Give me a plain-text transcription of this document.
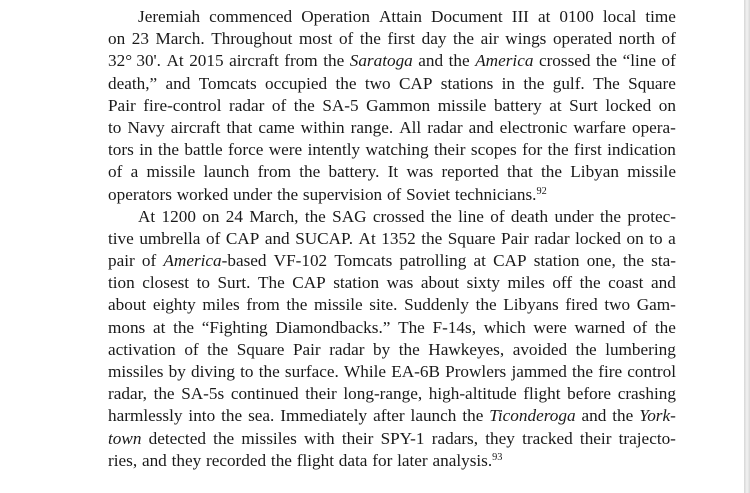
Jeremiah commenced Operation Attain Document III at 0100 local time
on 23 March. Throughout most of the first day the air wings operated north of
32° 30'. At 2015 aircraft from the Saratoga and the America crossed the “line of
death,” and Tomcats occupied the two CAP stations in the gulf. The Square
Pair fire-control radar of the SA-5 Gammon missile battery at Surt locked on
to Navy aircraft that came within range. All radar and electronic warfare opera-
tors in the battle force were intently watching their scopes for the first indication
of a missile launch from the battery. It was reported that the Libyan missile
operators worked under the supervision of Soviet technicians.$^{92}$
At 1200 on 24 March, the SAG crossed the line of death under the protec-
tive umbrella of CAP and SUCAP. At 1352 the Square Pair radar locked on to a
pair of America-based VF-102 Tomcats patrolling at CAP station one, the sta-
tion closest to Surt. The CAP station was about sixty miles off the coast and
about eighty miles from the missile site. Suddenly the Libyans fired two Gam-
mons at the “Fighting Diamondbacks.” The F-14s, which were warned of the
activation of the Square Pair radar by the Hawkeyes, avoided the lumbering
missiles by diving to the surface. While EA-6B Prowlers jammed the fire control
radar, the SA-5s continued their long-range, high-altitude flight before crashing
harmlessly into the sea. Immediately after launch the Ticonderoga and the York-
town detected the missiles with their SPY-1 radars, they tracked their trajecto-
ries, and they recorded the flight data for later analysis.$^{93}$
